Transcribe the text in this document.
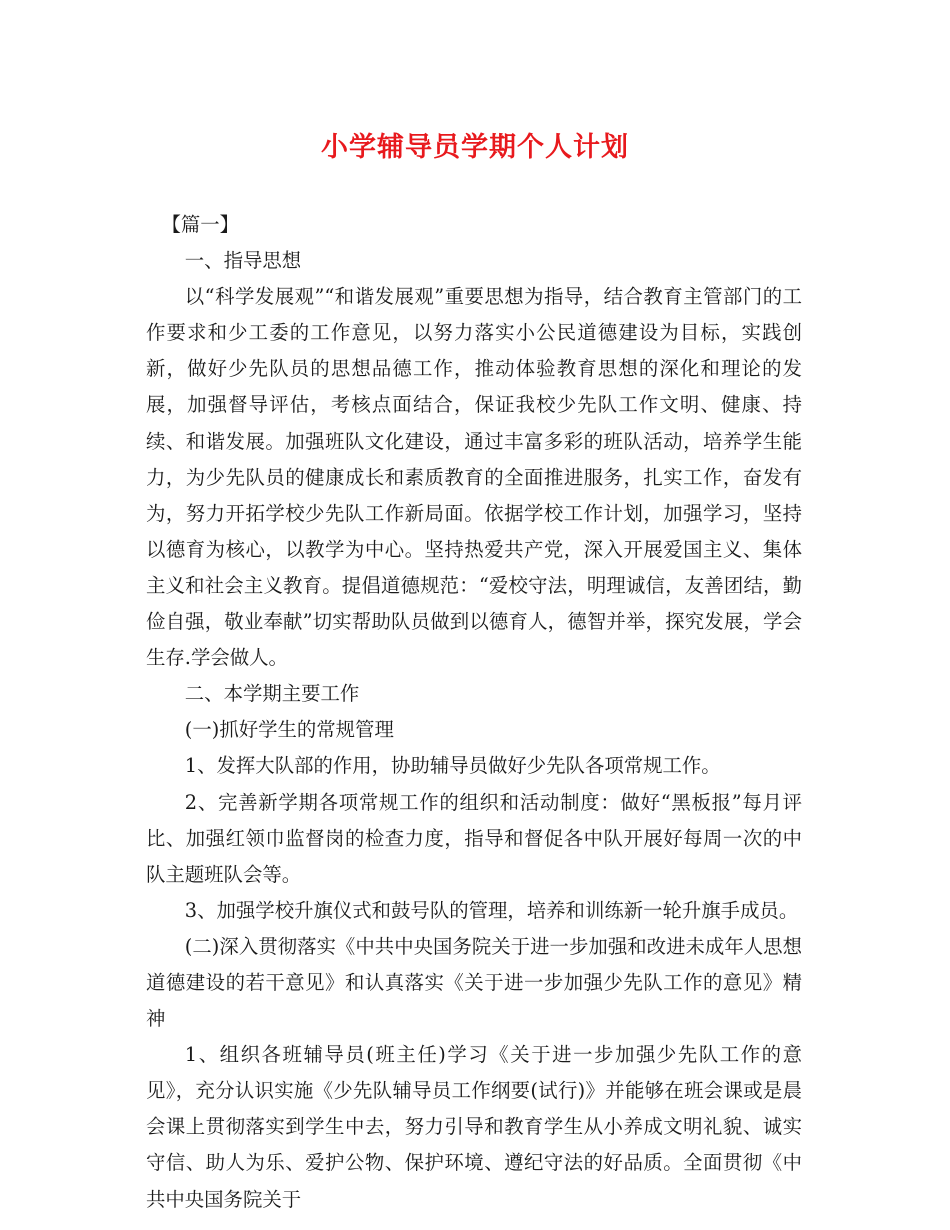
小学辅导员学期个人计划

【篇一】

一、指导思想

以“科学发展观”“和谐发展观”重要思想为指导，结合教育主管部门的工作要求和少工委的工作意见，以努力落实小公民道德建设为目标，实践创新，做好少先队员的思想品德工作，推动体验教育思想的深化和理论的发展，加强督导评估，考核点面结合，保证我校少先队工作文明、健康、持续、和谐发展。加强班队文化建设，通过丰富多彩的班队活动，培养学生能力，为少先队员的健康成长和素质教育的全面推进服务，扎实工作，奋发有为，努力开拓学校少先队工作新局面。依据学校工作计划，加强学习，坚持以德育为核心，以教学为中心。坚持热爱共产党，深入开展爱国主义、集体主义和社会主义教育。提倡道德规范：“爱校守法，明理诚信，友善团结，勤俭自强，敬业奉献”切实帮助队员做到以德育人，德智并举，探究发展，学会生存.学会做人。

二、本学期主要工作

(一)抓好学生的常规管理

1、发挥大队部的作用，协助辅导员做好少先队各项常规工作。

2、完善新学期各项常规工作的组织和活动制度：做好“黑板报”每月评比、加强红领巾监督岗的检查力度，指导和督促各中队开展好每周一次的中队主题班队会等。

3、加强学校升旗仪式和鼓号队的管理，培养和训练新一轮升旗手成员。

(二)深入贯彻落实《中共中央国务院关于进一步加强和改进未成年人思想道德建设的若干意见》和认真落实《关于进一步加强少先队工作的意见》精神

1、组织各班辅导员(班主任)学习《关于进一步加强少先队工作的意见》，充分认识实施《少先队辅导员工作纲要(试行)》并能够在班会课或是晨会课上贯彻落实到学生中去，努力引导和教育学生从小养成文明礼貌、诚实守信、助人为乐、爱护公物、保护环境、遵纪守法的好品质。全面贯彻《中共中央国务院关于
